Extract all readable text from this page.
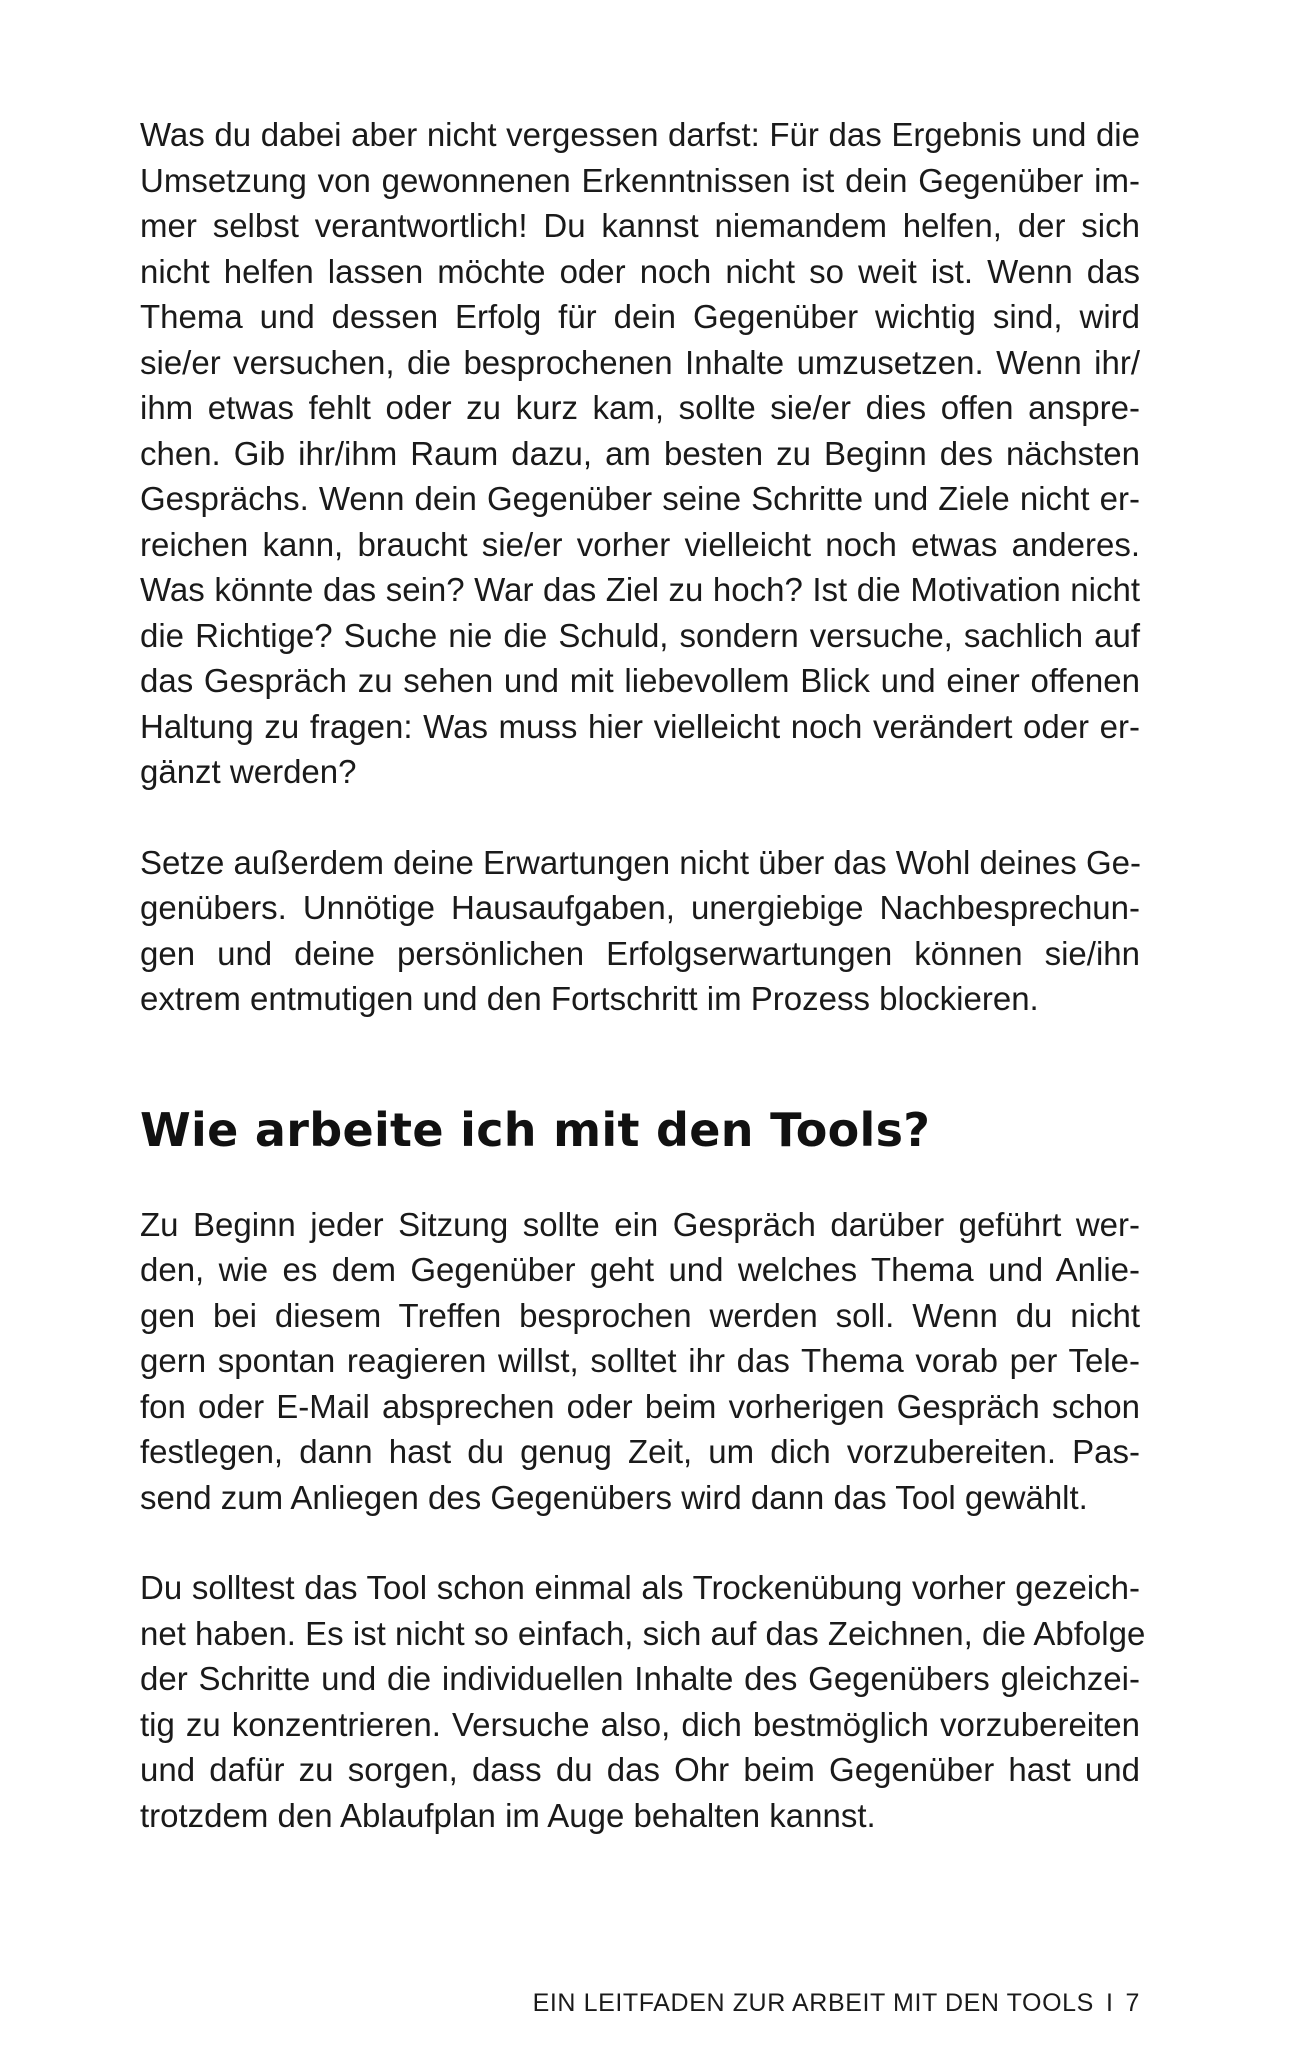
Was du dabei aber nicht vergessen darfst: Für das Ergebnis und die
Umsetzung von gewonnenen Erkenntnissen ist dein Gegenüber im-
mer selbst verantwortlich! Du kannst niemandem helfen, der sich
nicht helfen lassen möchte oder noch nicht so weit ist. Wenn das
Thema und dessen Erfolg für dein Gegenüber wichtig sind, wird
sie/er versuchen, die besprochenen Inhalte umzusetzen. Wenn ihr/
ihm etwas fehlt oder zu kurz kam, sollte sie/er dies offen anspre-
chen. Gib ihr/ihm Raum dazu, am besten zu Beginn des nächsten
Gesprächs. Wenn dein Gegenüber seine Schritte und Ziele nicht er-
reichen kann, braucht sie/er vorher vielleicht noch etwas anderes.
Was könnte das sein? War das Ziel zu hoch? Ist die Motivation nicht
die Richtige? Suche nie die Schuld, sondern versuche, sachlich auf
das Gespräch zu sehen und mit liebevollem Blick und einer offenen
Haltung zu fragen: Was muss hier vielleicht noch verändert oder er-
gänzt werden?

Setze außerdem deine Erwartungen nicht über das Wohl deines Ge-
genübers. Unnötige Hausaufgaben, unergiebige Nachbesprechun-
gen und deine persönlichen Erfolgserwartungen können sie/ihn
extrem entmutigen und den Fortschritt im Prozess blockieren.

Wie arbeite ich mit den Tools?

Zu Beginn jeder Sitzung sollte ein Gespräch darüber geführt wer-
den, wie es dem Gegenüber geht und welches Thema und Anlie-
gen bei diesem Treffen besprochen werden soll. Wenn du nicht
gern spontan reagieren willst, solltet ihr das Thema vorab per Tele-
fon oder E-Mail absprechen oder beim vorherigen Gespräch schon
festlegen, dann hast du genug Zeit, um dich vorzubereiten. Pas-
send zum Anliegen des Gegenübers wird dann das Tool gewählt.

Du solltest das Tool schon einmal als Trockenübung vorher gezeich-
net haben. Es ist nicht so einfach, sich auf das Zeichnen, die Abfolge
der Schritte und die individuellen Inhalte des Gegenübers gleichzei-
tig zu konzentrieren. Versuche also, dich bestmöglich vorzubereiten
und dafür zu sorgen, dass du das Ohr beim Gegenüber hast und
trotzdem den Ablaufplan im Auge behalten kannst.

EIN LEITFADEN ZUR ARBEIT MIT DEN TOOLS I 7
